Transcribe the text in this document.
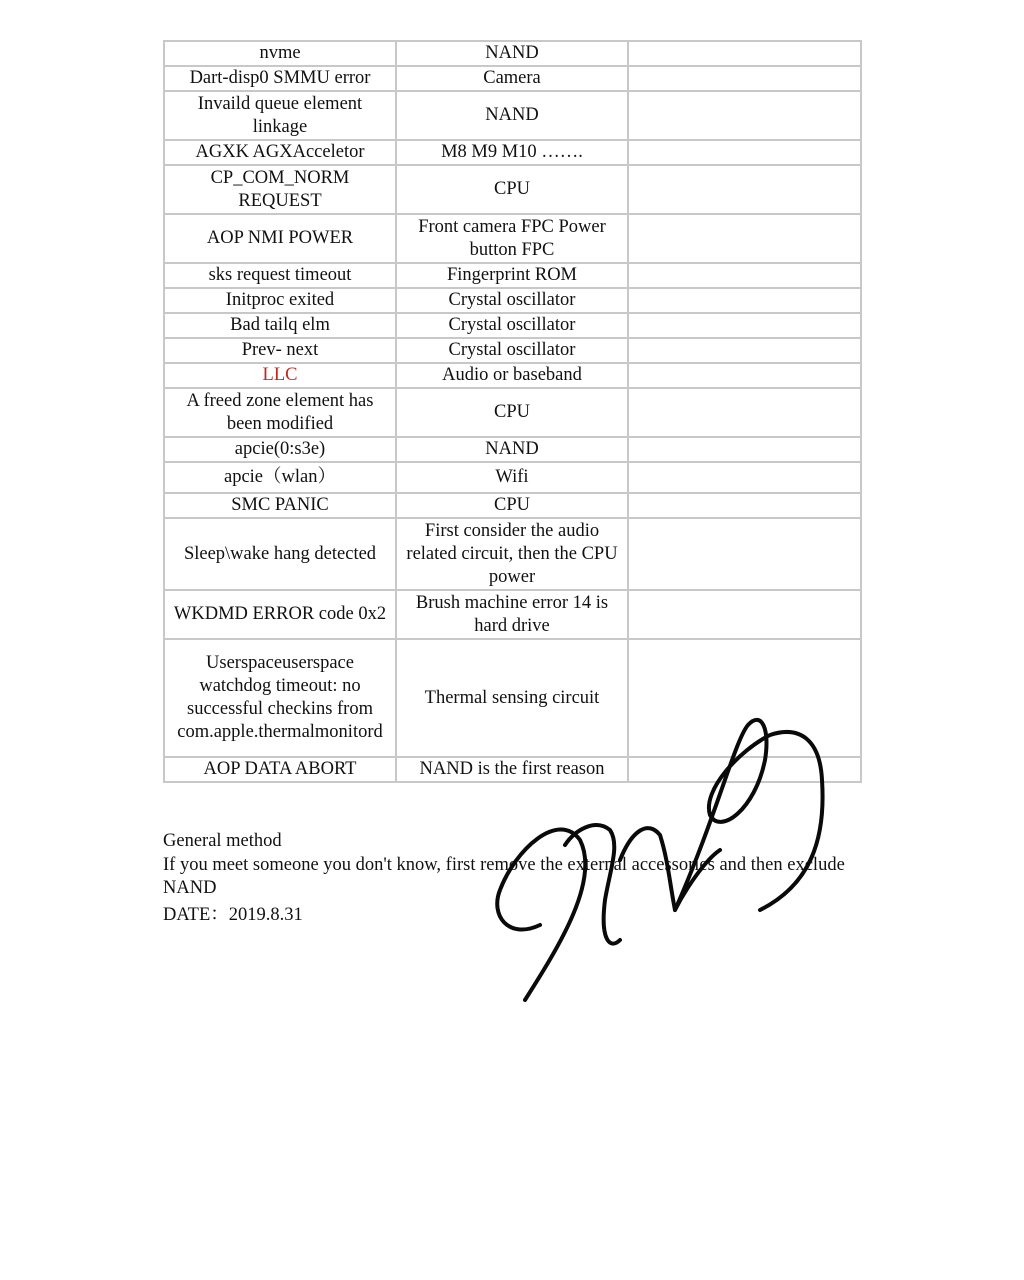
nvme	NAND	
Dart-disp0 SMMU error	Camera	
Invaild queue element linkage	NAND	
AGXK AGXAcceletor	M8 M9 M10 …….	
CP_COM_NORM REQUEST	CPU	
AOP NMI POWER	Front camera FPC Power button FPC	
sks request timeout	Fingerprint ROM	
Initproc exited	Crystal oscillator	
Bad tailq elm	Crystal oscillator	
Prev- next	Crystal oscillator	
LLC	Audio or baseband	
A freed zone element has been modified	CPU	
apcie(0:s3e)	NAND	
apcie（wlan）	Wifi	
SMC PANIC	CPU	
Sleep\wake hang detected	First consider the audio related circuit, then the CPU power	
WKDMD ERROR code 0x2	Brush machine error 14 is hard drive	
Userspaceuserspace watchdog timeout: no successful checkins from com.apple.thermalmonitord	Thermal sensing circuit	
AOP DATA ABORT	NAND is the first reason	

General method

If you meet someone you don't know, first remove the external accessories and then exclude NAND

DATE：2019.8.31
